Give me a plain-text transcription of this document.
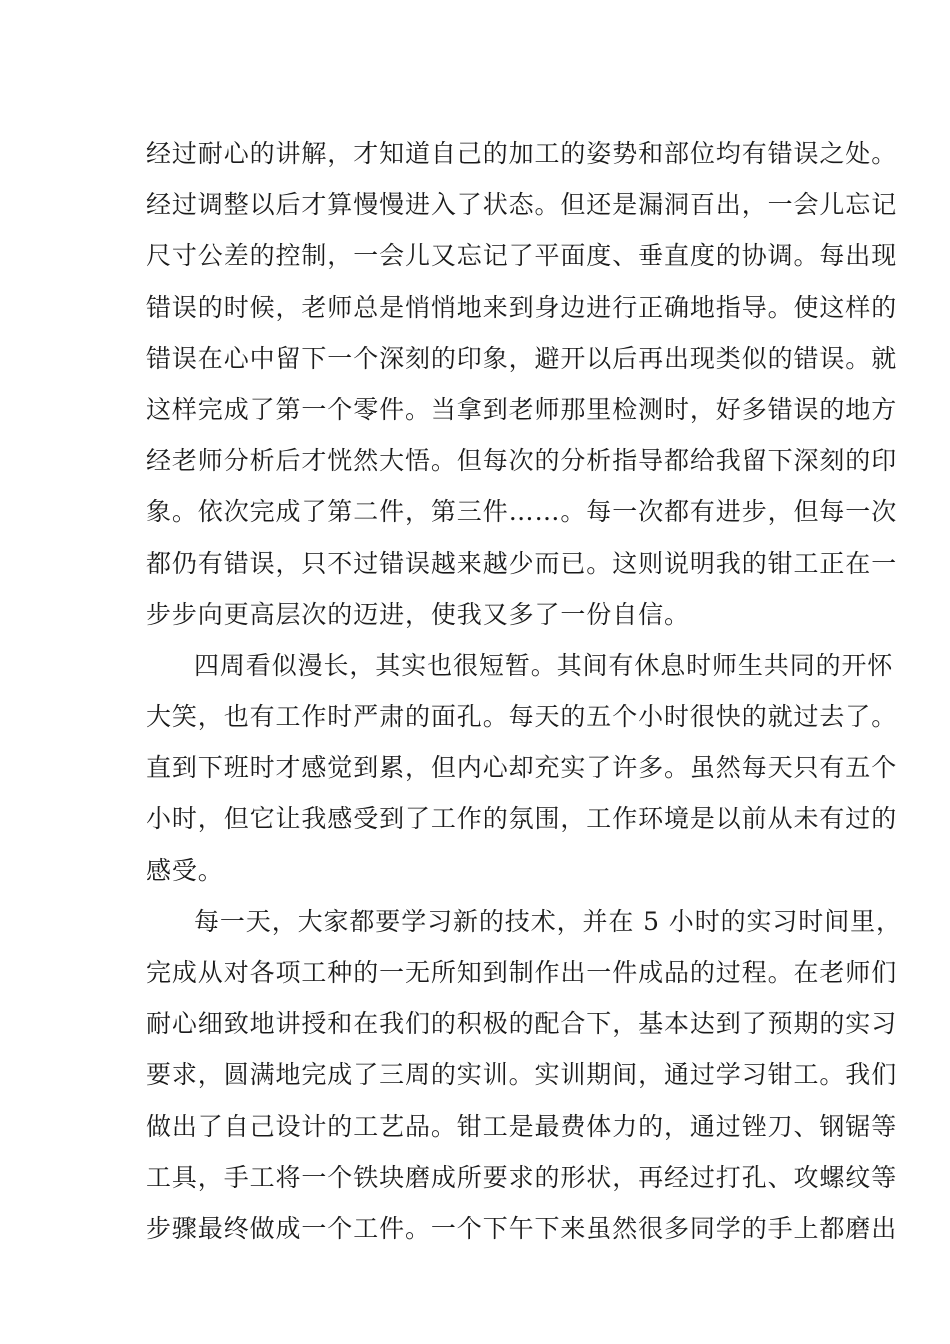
经过耐心的讲解，才知道自己的加工的姿势和部位均有错误之处。
经过调整以后才算慢慢进入了状态。但还是漏洞百出，一会儿忘记
尺寸公差的控制，一会儿又忘记了平面度、垂直度的协调。每出现
错误的时候，老师总是悄悄地来到身边进行正确地指导。使这样的
错误在心中留下一个深刻的印象，避开以后再出现类似的错误。就
这样完成了第一个零件。当拿到老师那里检测时，好多错误的地方
经老师分析后才恍然大悟。但每次的分析指导都给我留下深刻的印
象。依次完成了第二件，第三件……。每一次都有进步，但每一次
都仍有错误，只不过错误越来越少而已。这则说明我的钳工正在一
步步向更高层次的迈进，使我又多了一份自信。
四周看似漫长，其实也很短暂。其间有休息时师生共同的开怀
大笑，也有工作时严肃的面孔。每天的五个小时很快的就过去了。
直到下班时才感觉到累，但内心却充实了许多。虽然每天只有五个
小时，但它让我感受到了工作的氛围，工作环境是以前从未有过的
感受。
每一天，大家都要学习新的技术，并在 5 小时的实习时间里，
完成从对各项工种的一无所知到制作出一件成品的过程。在老师们
耐心细致地讲授和在我们的积极的配合下，基本达到了预期的实习
要求，圆满地完成了三周的实训。实训期间，通过学习钳工。我们
做出了自己设计的工艺品。钳工是最费体力的，通过锉刀、钢锯等
工具，手工将一个铁块磨成所要求的形状，再经过打孔、攻螺纹等
步骤最终做成一个工件。一个下午下来虽然很多同学的手上都磨出
